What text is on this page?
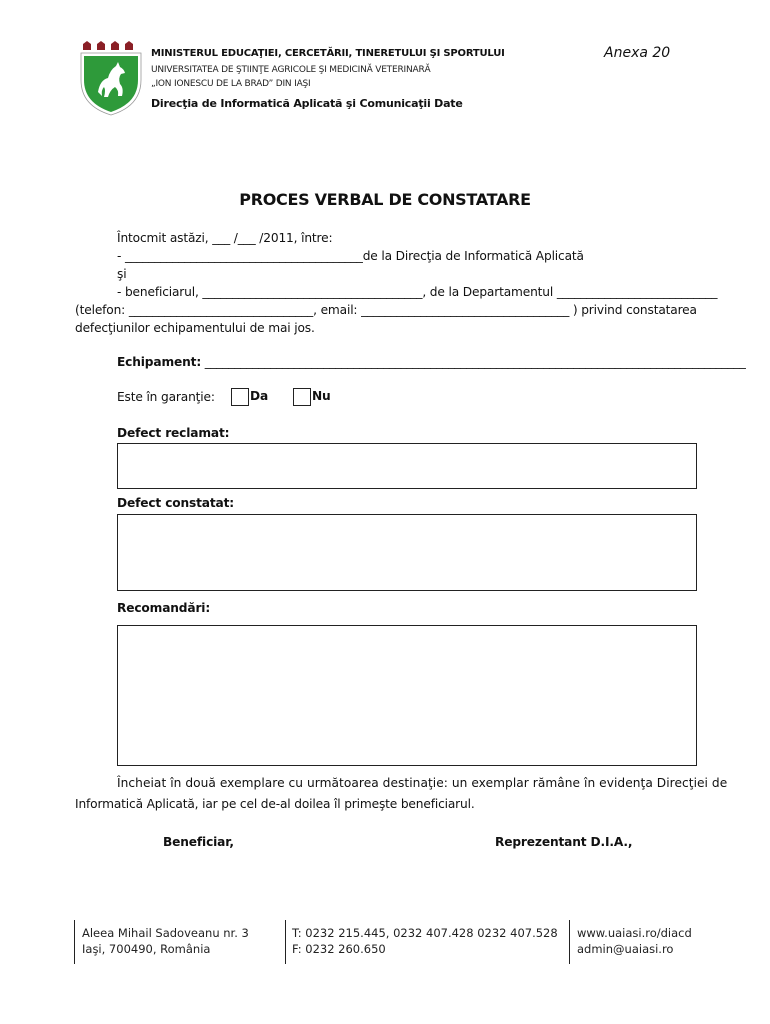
MINISTERUL EDUCAŢIEI, CERCETĂRII, TINERETULUI ŞI SPORTULUI
UNIVERSITATEA DE ŞTIINŢE AGRICOLE ŞI MEDICINĂ VETERINARĂ
„ION IONESCU DE LA BRAD” DIN IAŞI
Direcţia de Informatică Aplicată şi Comunicaţii Date
Anexa 20
PROCES VERBAL DE CONSTATARE
Întocmit astăzi, ___ /___ /2011, între:
- ________________________________________de la Direcţia de Informatică Aplicată
şi
- beneficiarul, _____________________________________, de la Departamentul ___________________________
(telefon: _______________________________, email: ___________________________________ ) privind constatarea
defecţiunilor echipamentului de mai jos.
Echipament: ___________________________________________________________________________________________
Este în garanţie:	Da	Nu
Defect reclamat:
Defect constatat:
Recomandări:
Încheiat în două exemplare cu următoarea destinaţie: un exemplar rămâne în evidenţa Direcţiei de
Informatică Aplicată, iar pe cel de-al doilea îl primeşte beneficiarul.
Beneficiar,	Reprezentant D.I.A.,
Aleea Mihail Sadoveanu nr. 3
Iaşi, 700490, România
T: 0232 215.445, 0232 407.428 0232 407.528
F: 0232 260.650
www.uaiasi.ro/diacd
admin@uaiasi.ro
